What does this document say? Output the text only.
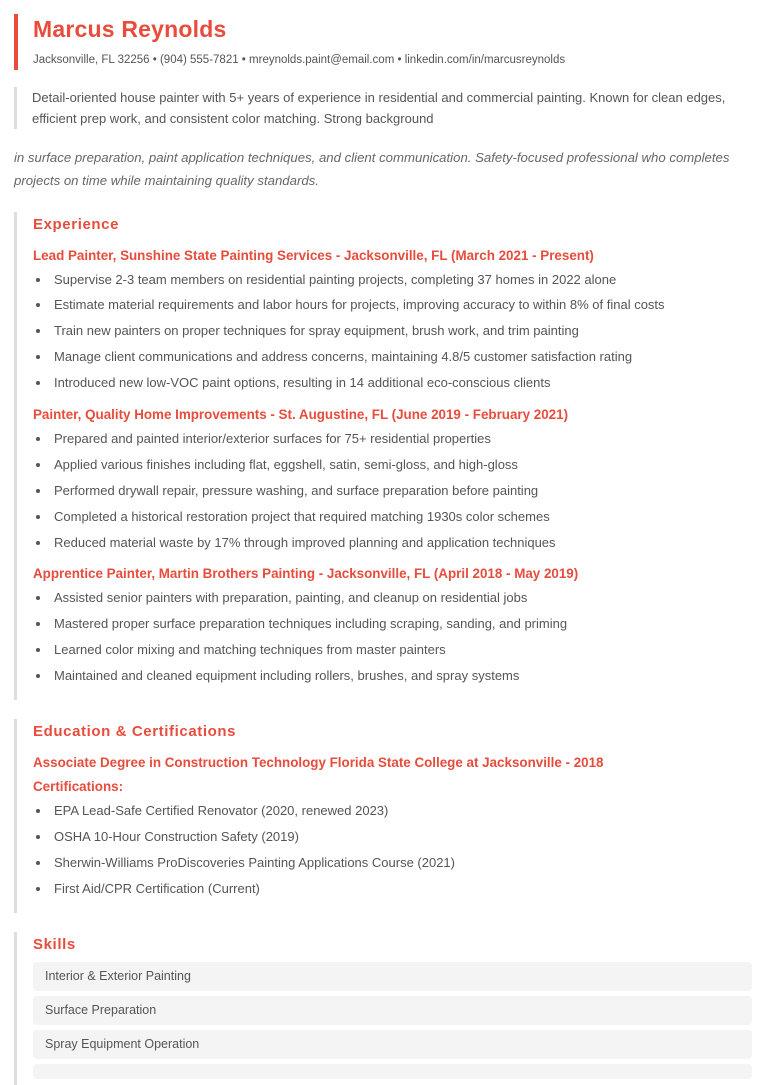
Marcus Reynolds
Jacksonville, FL 32256 • (904) 555-7821 • mreynolds.paint@email.com • linkedin.com/in/marcusreynolds
Detail-oriented house painter with 5+ years of experience in residential and commercial painting. Known for clean edges, efficient prep work, and consistent color matching. Strong background
in surface preparation, paint application techniques, and client communication. Safety-focused professional who completes projects on time while maintaining quality standards.
Experience
Lead Painter, Sunshine State Painting Services - Jacksonville, FL (March 2021 - Present)
• Supervise 2-3 team members on residential painting projects, completing 37 homes in 2022 alone
• Estimate material requirements and labor hours for projects, improving accuracy to within 8% of final costs
• Train new painters on proper techniques for spray equipment, brush work, and trim painting
• Manage client communications and address concerns, maintaining 4.8/5 customer satisfaction rating
• Introduced new low-VOC paint options, resulting in 14 additional eco-conscious clients
Painter, Quality Home Improvements - St. Augustine, FL (June 2019 - February 2021)
• Prepared and painted interior/exterior surfaces for 75+ residential properties
• Applied various finishes including flat, eggshell, satin, semi-gloss, and high-gloss
• Performed drywall repair, pressure washing, and surface preparation before painting
• Completed a historical restoration project that required matching 1930s color schemes
• Reduced material waste by 17% through improved planning and application techniques
Apprentice Painter, Martin Brothers Painting - Jacksonville, FL (April 2018 - May 2019)
• Assisted senior painters with preparation, painting, and cleanup on residential jobs
• Mastered proper surface preparation techniques including scraping, sanding, and priming
• Learned color mixing and matching techniques from master painters
• Maintained and cleaned equipment including rollers, brushes, and spray systems
Education & Certifications

Associate Degree in Construction Technology Florida State College at Jacksonville - 2018

Certifications:

• EPA Lead-Safe Certified Renovator (2020, renewed 2023)
• OSHA 10-Hour Construction Safety (2019)
• Sherwin-Williams ProDiscoveries Painting Applications Course (2021)
• First Aid/CPR Certification (Current)
Skills
Interior & Exterior Painting
Surface Preparation
Spray Equipment Operation
